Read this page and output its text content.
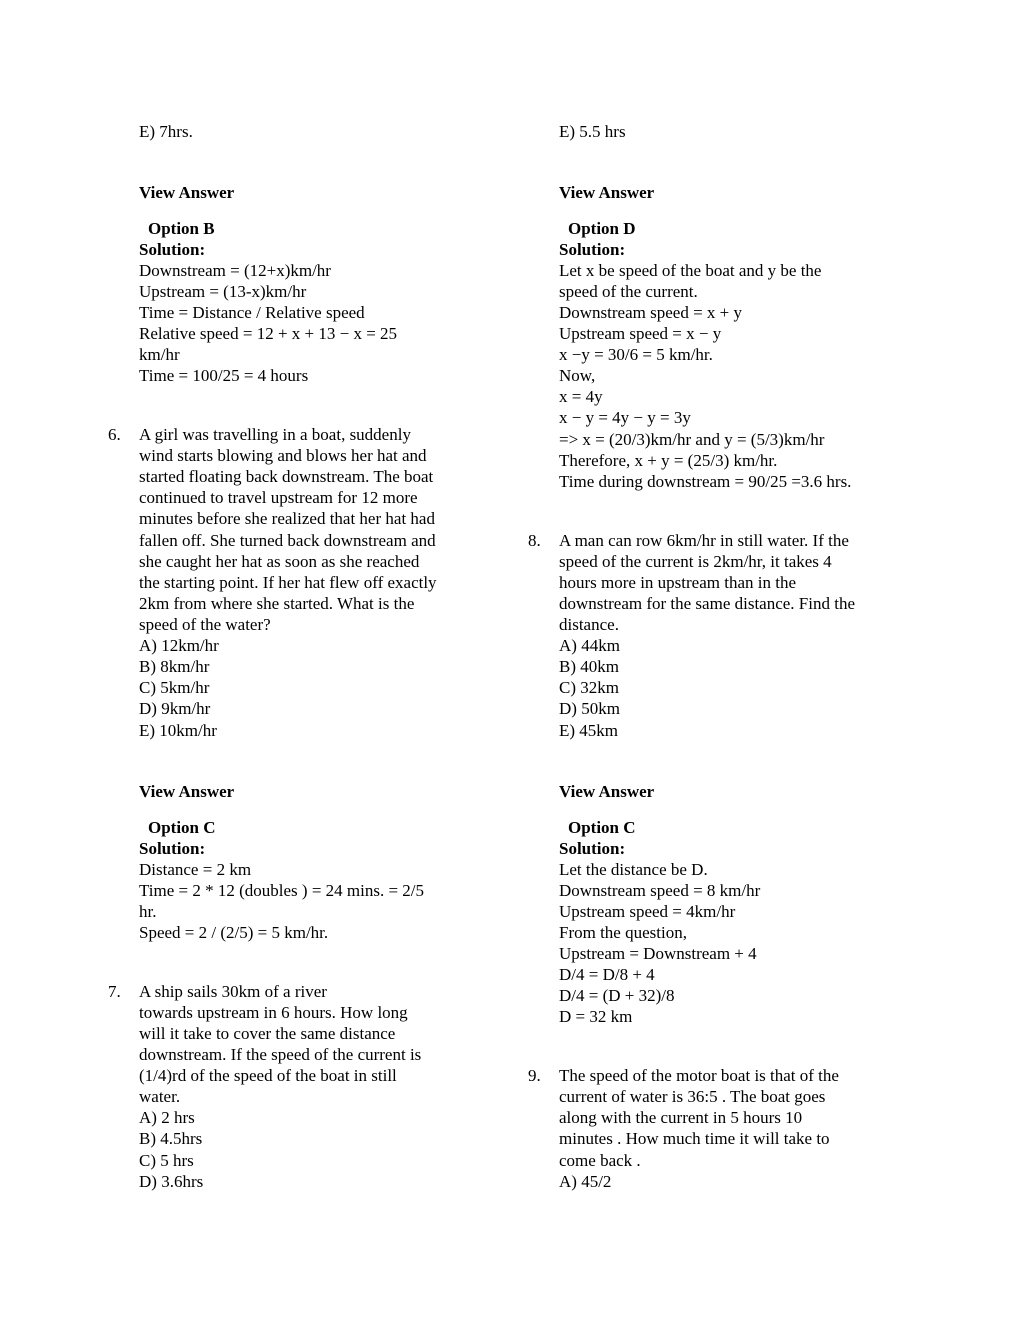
E) 7hrs.
View Answer
Option B
Solution:
Downstream = (12+x)km/hr
Upstream = (13-x)km/hr
Time = Distance / Relative speed
Relative speed = 12 + x + 13 − x = 25
km/hr
Time = 100/25 = 4 hours
6. A girl was travelling in a boat, suddenly
wind starts blowing and blows her hat and
started floating back downstream. The boat
continued to travel upstream for 12 more
minutes before she realized that her hat had
fallen off. She turned back downstream and
she caught her hat as soon as she reached
the starting point. If her hat flew off exactly
2km from where she started. What is the
speed of the water?
A) 12km/hr
B) 8km/hr
C) 5km/hr
D) 9km/hr
E) 10km/hr
View Answer
Option C
Solution:
Distance = 2 km
Time = 2 * 12 (doubles ) = 24 mins. = 2/5
hr.
Speed = 2 / (2/5) = 5 km/hr.
7. A ship sails 30km of a river
towards upstream in 6 hours. How long
will it take to cover the same distance
downstream. If the speed of the current is
(1/4)rd of the speed of the boat in still
water.
A) 2 hrs
B) 4.5hrs
C) 5 hrs
D) 3.6hrs
E) 5.5 hrs
View Answer
Option D
Solution:
Let x be speed of the boat and y be the
speed of the current.
Downstream speed = x + y
Upstream speed = x − y
x −y = 30/6 = 5 km/hr.
Now,
x = 4y
x − y = 4y − y = 3y
=> x = (20/3)km/hr and y = (5/3)km/hr
Therefore, x + y = (25/3) km/hr.
Time during downstream = 90/25 =3.6 hrs.
8. A man can row 6km/hr in still water. If the
speed of the current is 2km/hr, it takes 4
hours more in upstream than in the
downstream for the same distance. Find the
distance.
A) 44km
B) 40km
C) 32km
D) 50km
E) 45km
View Answer
Option C
Solution:
Let the distance be D.
Downstream speed = 8 km/hr
Upstream speed = 4km/hr
From the question,
Upstream = Downstream + 4
D/4 = D/8 + 4
D/4 = (D + 32)/8
D = 32 km
9. The speed of the motor boat is that of the
current of water is 36:5 . The boat goes
along with the current in 5 hours 10
minutes . How much time it will take to
come back .
A) 45/2
